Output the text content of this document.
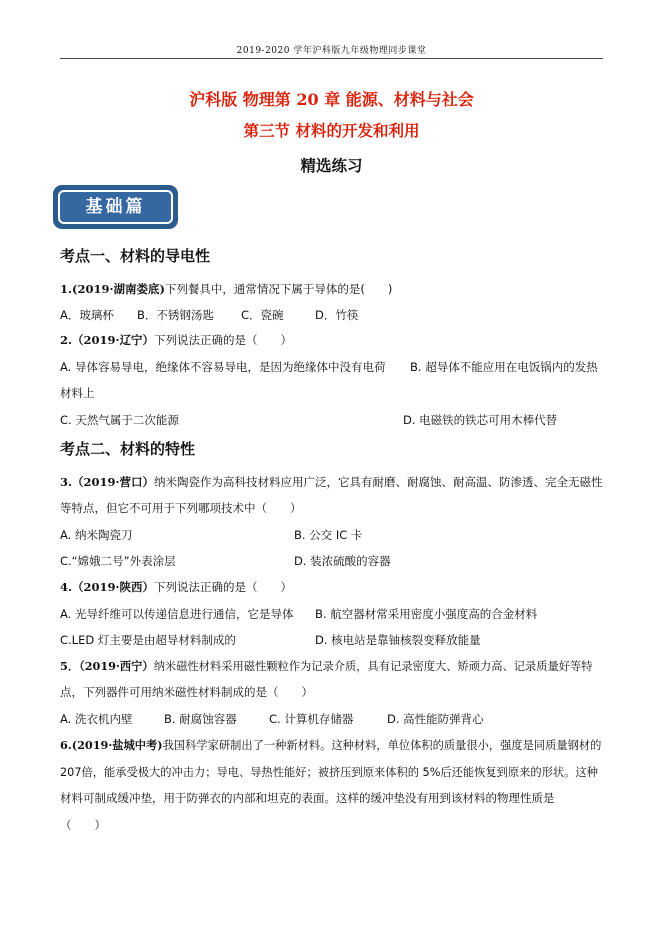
2019-2020 学年沪科版九年级物理同步课堂
沪科版 物理第 20 章 能源、材料与社会
第三节 材料的开发和利用
精选练习
基础篇
考点一、材料的导电性
1.(2019·湖南娄底)下列餐具中，通常情况下属于导体的是(　　)
A．玻璃杯 B．不锈钢汤匙 C．瓷碗	D．竹筷
2.（2019·辽宁）下列说法正确的是（　　）
A. 导体容易导电，绝缘体不容易导电，是因为绝缘体中没有电荷 B. 超导体不能应用在电饭锅内的发热
材料上
C. 天然气属于二次能源	D. 电磁铁的铁芯可用木棒代替
考点二、材料的特性
3.（2019·营口）纳米陶瓷作为高科技材料应用广泛，它具有耐磨、耐腐蚀、耐高温、防渗透、完全无磁性
等特点，但它不可用于下列哪项技术中（　　）
A. 纳米陶瓷刀	B. 公交 IC 卡
C.“嫦娥二号”外表涂层	D. 装浓硫酸的容器
4.（2019·陕西）下列说法正确的是（　　）
A. 光导纤维可以传递信息进行通信，它是导体 B. 航空器材常采用密度小强度高的合金材料
C.LED 灯主要是由超导材料制成的	D. 核电站是靠铀核裂变释放能量
5．（2019·西宁）纳米磁性材料采用磁性颗粒作为记录介质，具有记录密度大、矫顽力高、记录质量好等特
点，下列器件可用纳米磁性材料制成的是（　　）
A. 洗衣机内壁	B. 耐腐蚀容器	C. 计算机存储器	D. 高性能防弹背心
6.(2019·盐城中考)我国科学家研制出了一种新材料。这种材料，单位体积的质量很小，强度是同质量钢材的
207倍，能承受极大的冲击力；导电、导热性能好；被挤压到原来体积的 5%后还能恢复到原来的形状。这种
材料可制成缓冲垫，用于防弹衣的内部和坦克的表面。这样的缓冲垫没有用到该材料的物理性质是
（　　）
